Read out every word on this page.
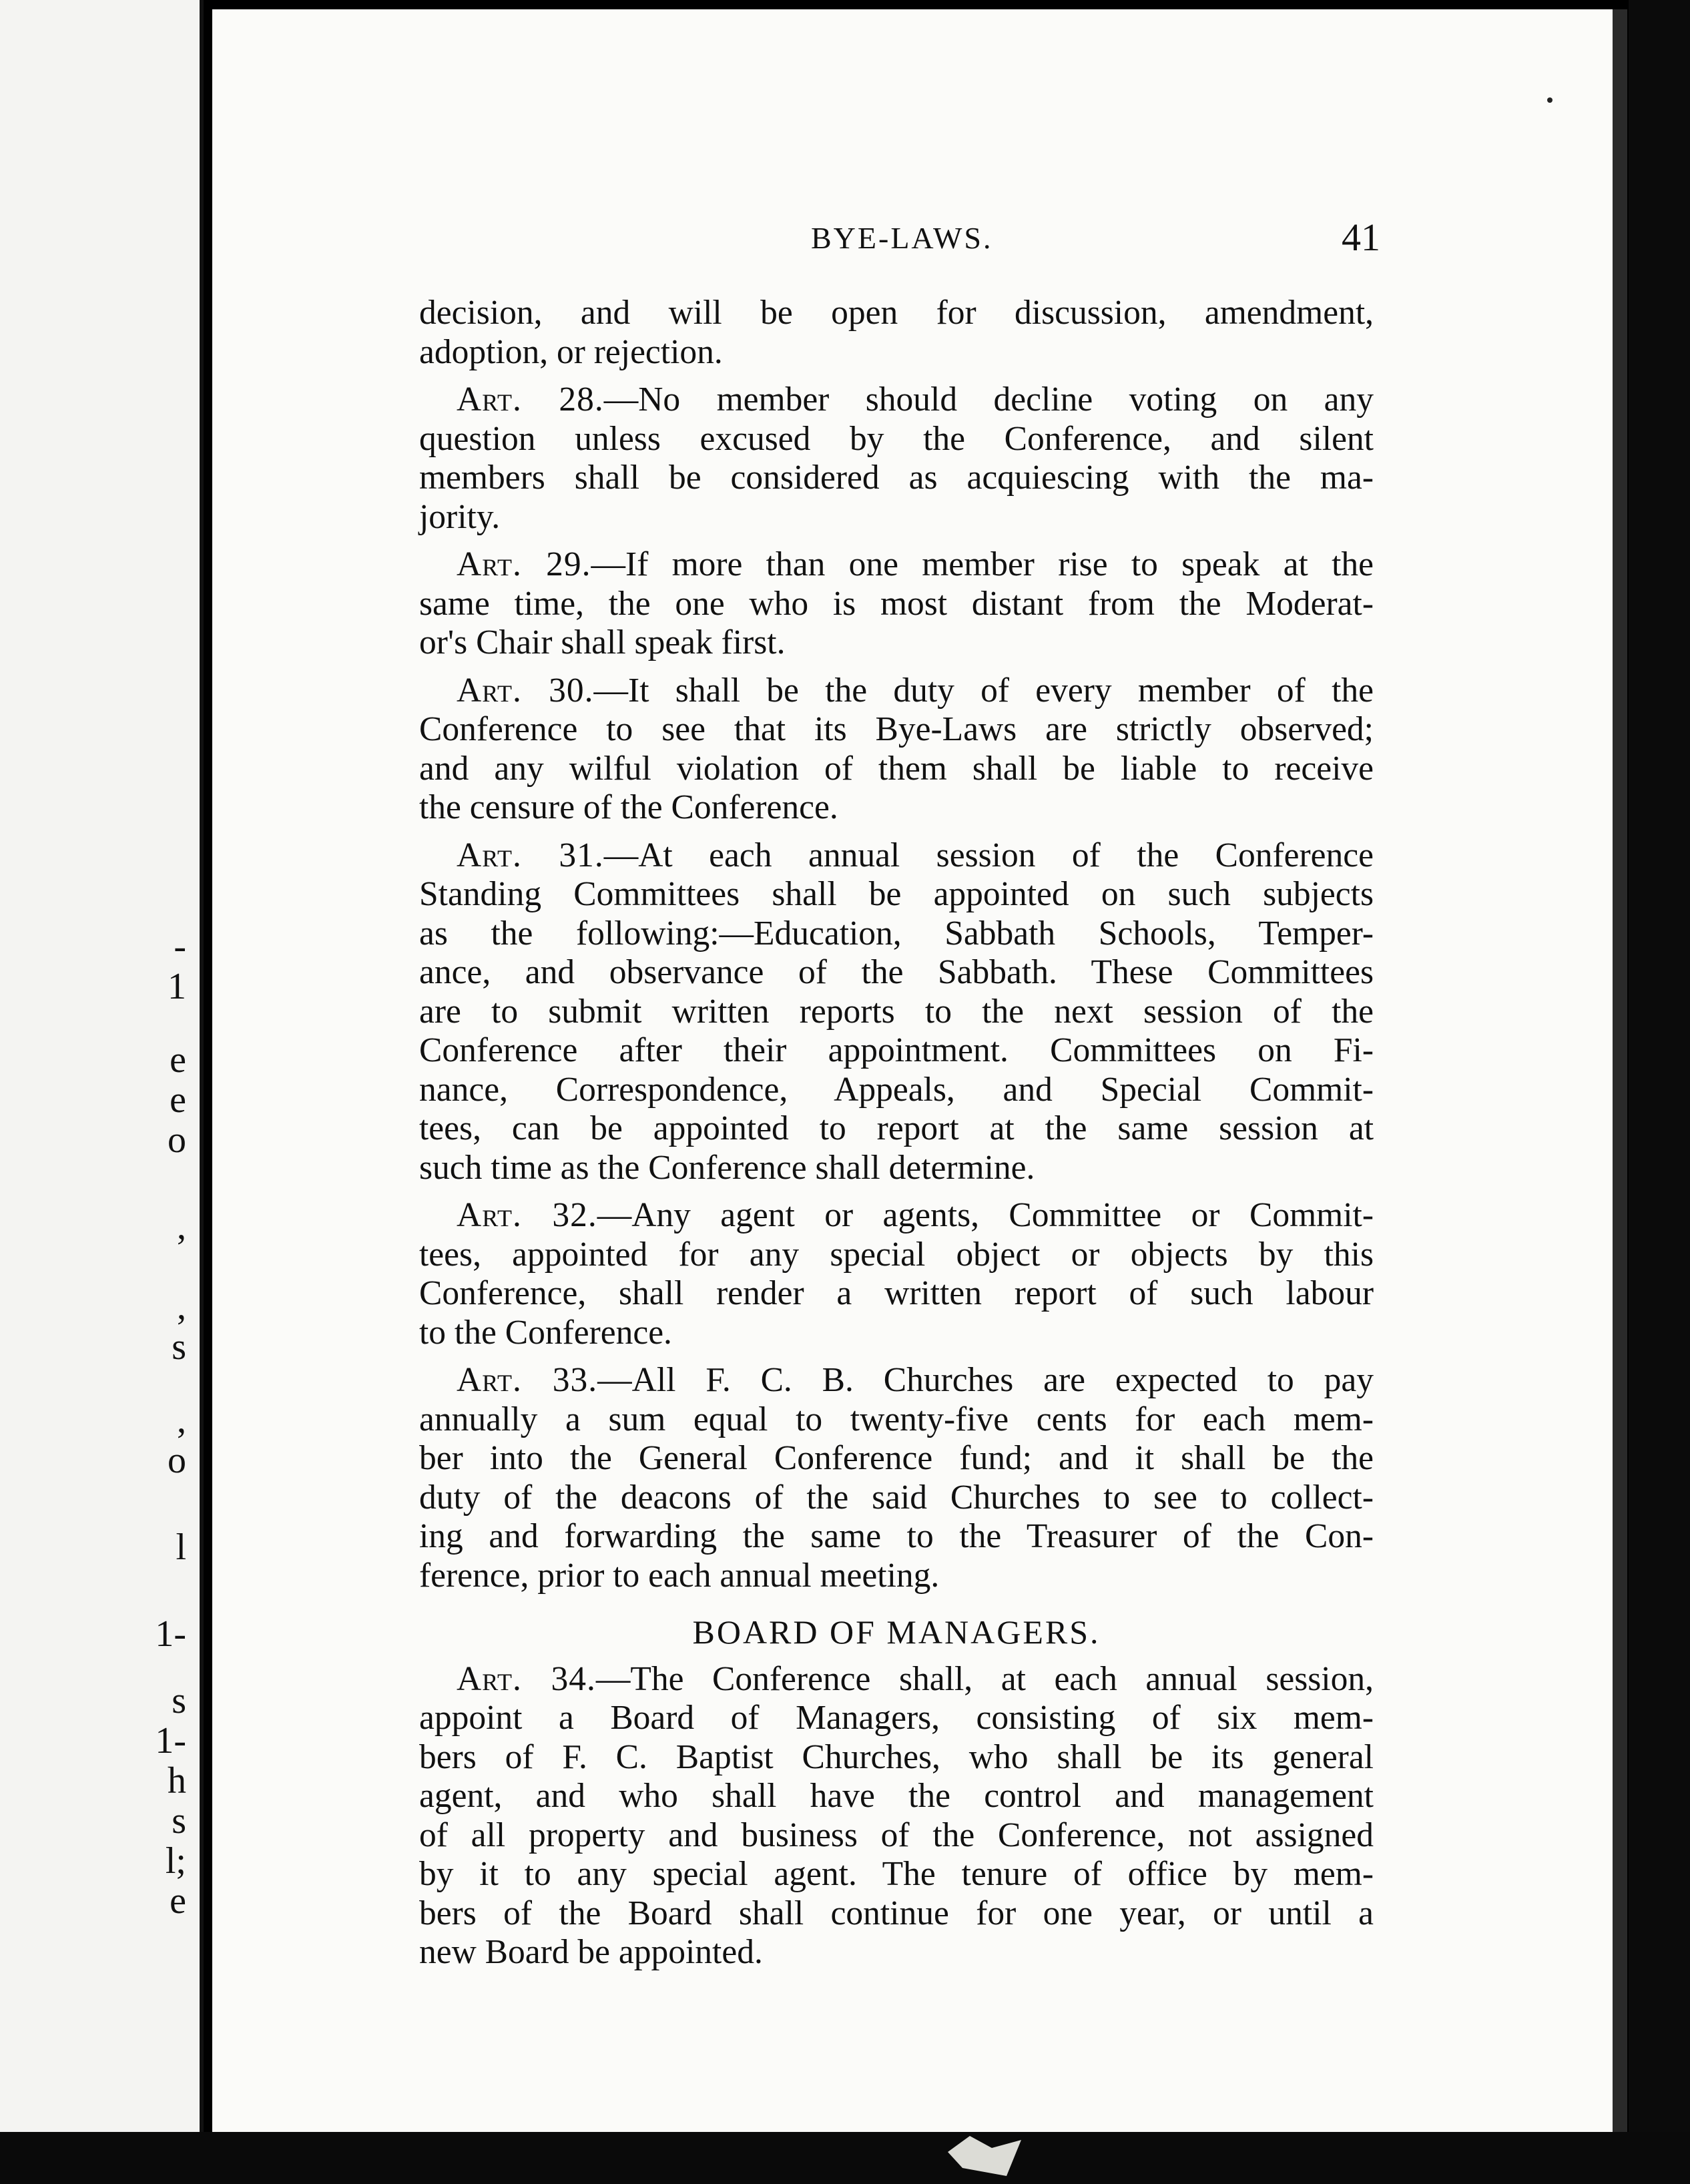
-
1
e
e
o
,
,
s
,
o
l
1-
s
1-
h
s
l;
e
BYE-LAWS.	41
decision, and will be open for discussion, amendment,
adoption, or rejection.
Art. 28.—No member should decline voting on any
question unless excused by the Conference, and silent
members shall be considered as acquiescing with the ma-
jority.
Art. 29.—If more than one member rise to speak at the
same time, the one who is most distant from the Moderat-
or's Chair shall speak first.
Art. 30.—It shall be the duty of every member of the
Conference to see that its Bye-Laws are strictly observed;
and any wilful violation of them shall be liable to receive
the censure of the Conference.
Art. 31.—At each annual session of the Conference
Standing Committees shall be appointed on such subjects
as the following:—Education, Sabbath Schools, Temper-
ance, and observance of the Sabbath. These Committees
are to submit written reports to the next session of the
Conference after their appointment. Committees on Fi-
nance, Correspondence, Appeals, and Special Commit-
tees, can be appointed to report at the same session at
such time as the Conference shall determine.
Art. 32.—Any agent or agents, Committee or Commit-
tees, appointed for any special object or objects by this
Conference, shall render a written report of such labour
to the Conference.
Art. 33.—All F. C. B. Churches are expected to pay
annually a sum equal to twenty-five cents for each mem-
ber into the General Conference fund; and it shall be the
duty of the deacons of the said Churches to see to collect-
ing and forwarding the same to the Treasurer of the Con-
ference, prior to each annual meeting.
BOARD OF MANAGERS.
Art. 34.—The Conference shall, at each annual session,
appoint a Board of Managers, consisting of six mem-
bers of F. C. Baptist Churches, who shall be its general
agent, and who shall have the control and management
of all property and business of the Conference, not assigned
by it to any special agent. The tenure of office by mem-
bers of the Board shall continue for one year, or until a
new Board be appointed.
